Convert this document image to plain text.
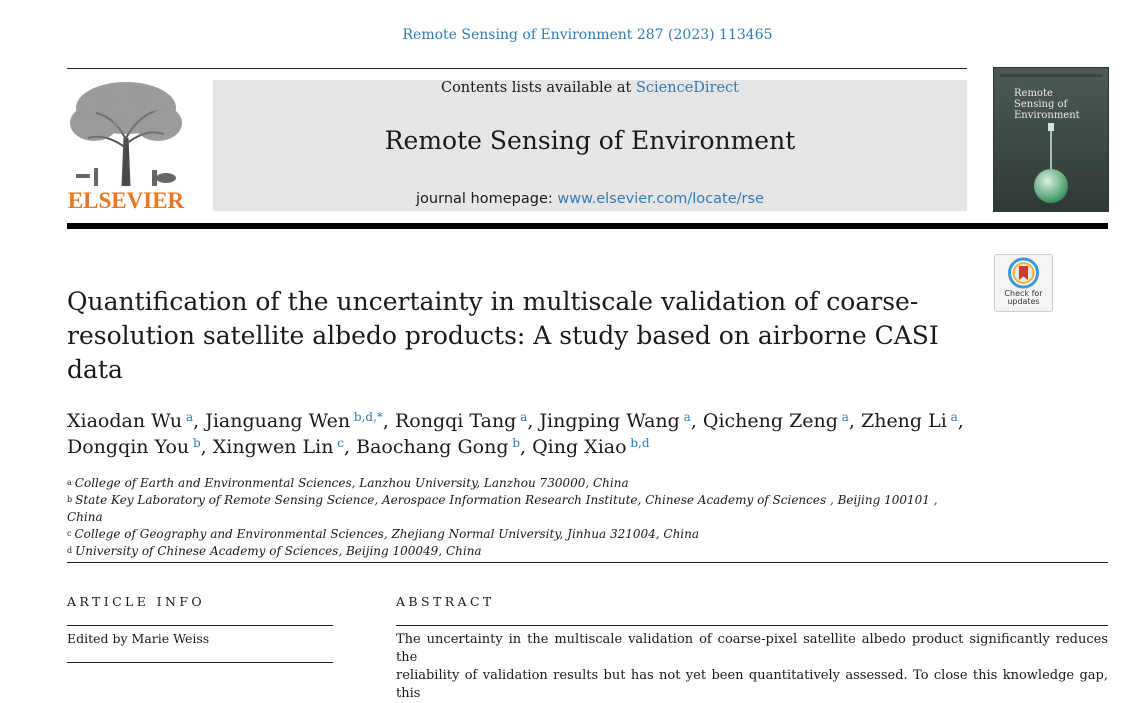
Remote Sensing of Environment 287 (2023) 113465
ELSEVIER
Contents lists available at ScienceDirect
Remote Sensing of Environment
journal homepage: www.elsevier.com/locate/rse
Remote Sensing of Environment
Check for
updates
Quantification of the uncertainty in multiscale validation of coarse-resolution satellite albedo products: A study based on airborne CASI data
Xiaodan Wu $^a$, Jianguang Wen $^{b,d,*}$, Rongqi Tang $^a$, Jingping Wang $^a$, Qicheng Zeng $^a$, Zheng Li $^a$,
Dongqin You $^b$, Xingwen Lin $^c$, Baochang Gong $^b$, Qing Xiao $^{b,d}$
$^a$ College of Earth and Environmental Sciences, Lanzhou University, Lanzhou 730000, China
$^b$ State Key Laboratory of Remote Sensing Science, Aerospace Information Research Institute, Chinese Academy of Sciences , Beijing 100101 , China
$^c$ College of Geography and Environmental Sciences, Zhejiang Normal University, Jinhua 321004, China
$^d$ University of Chinese Academy of Sciences, Beijing 100049, China
ARTICLE INFO	ABSTRACT
Edited by Marie Weiss	The uncertainty in the multiscale validation of coarse-pixel satellite albedo product significantly reduces the
reliability of validation results but has not yet been quantitatively assessed. To close this knowledge gap, this
